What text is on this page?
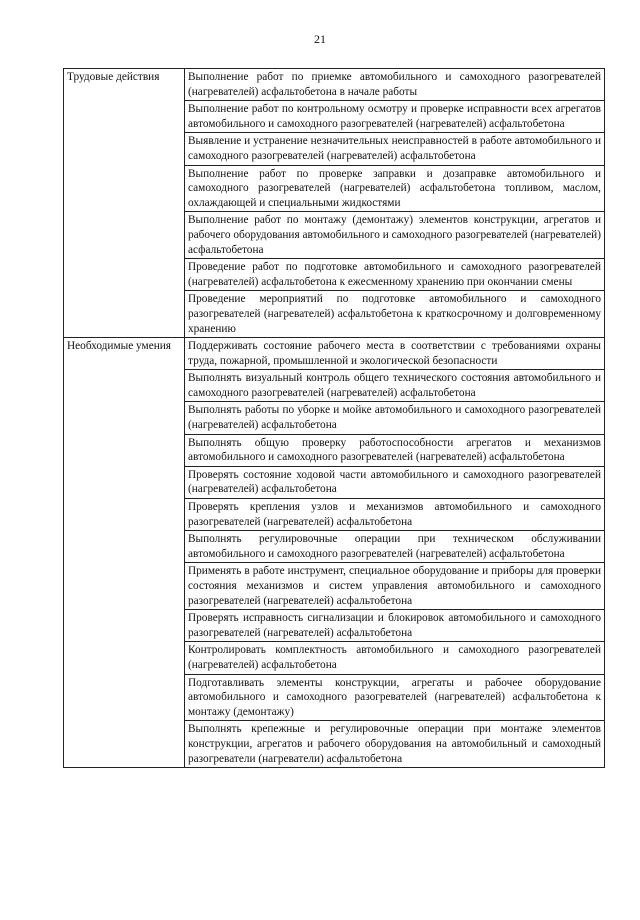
21
Трудовые действия	Выполнение работ по приемке автомобильного и самоходного разогревателей (нагревателей) асфальтобетона в начале работы
	Выполнение работ по контрольному осмотру и проверке исправности всех агрегатов автомобильного и самоходного разогревателей (нагревателей) асфальтобетона
	Выявление и устранение незначительных неисправностей в работе автомобильного и самоходного разогревателей (нагревателей) асфальтобетона
	Выполнение работ по проверке заправки и дозаправке автомобильного и самоходного разогревателей (нагревателей) асфальтобетона топливом, маслом, охлаждающей и специальными жидкостями
	Выполнение работ по монтажу (демонтажу) элементов конструкции, агрегатов и рабочего оборудования автомобильного и самоходного разогревателей (нагревателей) асфальтобетона
	Проведение работ по подготовке автомобильного и самоходного разогревателей (нагревателей) асфальтобетона к ежесменному хранению при окончании смены
	Проведение мероприятий по подготовке автомобильного и самоходного разогревателей (нагревателей) асфальтобетона к краткосрочному и долговременному хранению
Необходимые умения	Поддерживать состояние рабочего места в соответствии с требованиями охраны труда, пожарной, промышленной и экологической безопасности
	Выполнять визуальный контроль общего технического состояния автомобильного и самоходного разогревателей (нагревателей) асфальтобетона
	Выполнять работы по уборке и мойке автомобильного и самоходного разогревателей (нагревателей) асфальтобетона
	Выполнять общую проверку работоспособности агрегатов и механизмов автомобильного и самоходного разогревателей (нагревателей) асфальтобетона
	Проверять состояние ходовой части автомобильного и самоходного разогревателей (нагревателей) асфальтобетона
	Проверять крепления узлов и механизмов автомобильного и самоходного разогревателей (нагревателей) асфальтобетона
	Выполнять регулировочные операции при техническом обслуживании автомобильного и самоходного разогревателей (нагревателей) асфальтобетона
	Применять в работе инструмент, специальное оборудование и приборы для проверки состояния механизмов и систем управления автомобильного и самоходного разогревателей (нагревателей) асфальтобетона
	Проверять исправность сигнализации и блокировок автомобильного и самоходного разогревателей (нагревателей) асфальтобетона
	Контролировать комплектность автомобильного и самоходного разогревателей (нагревателей) асфальтобетона
	Подготавливать элементы конструкции, агрегаты и рабочее оборудование автомобильного и самоходного разогревателей (нагревателей) асфальтобетона к монтажу (демонтажу)
	Выполнять крепежные и регулировочные операции при монтаже элементов конструкции, агрегатов и рабочего оборудования на автомобильный и самоходный разогреватели (нагреватели) асфальтобетона
